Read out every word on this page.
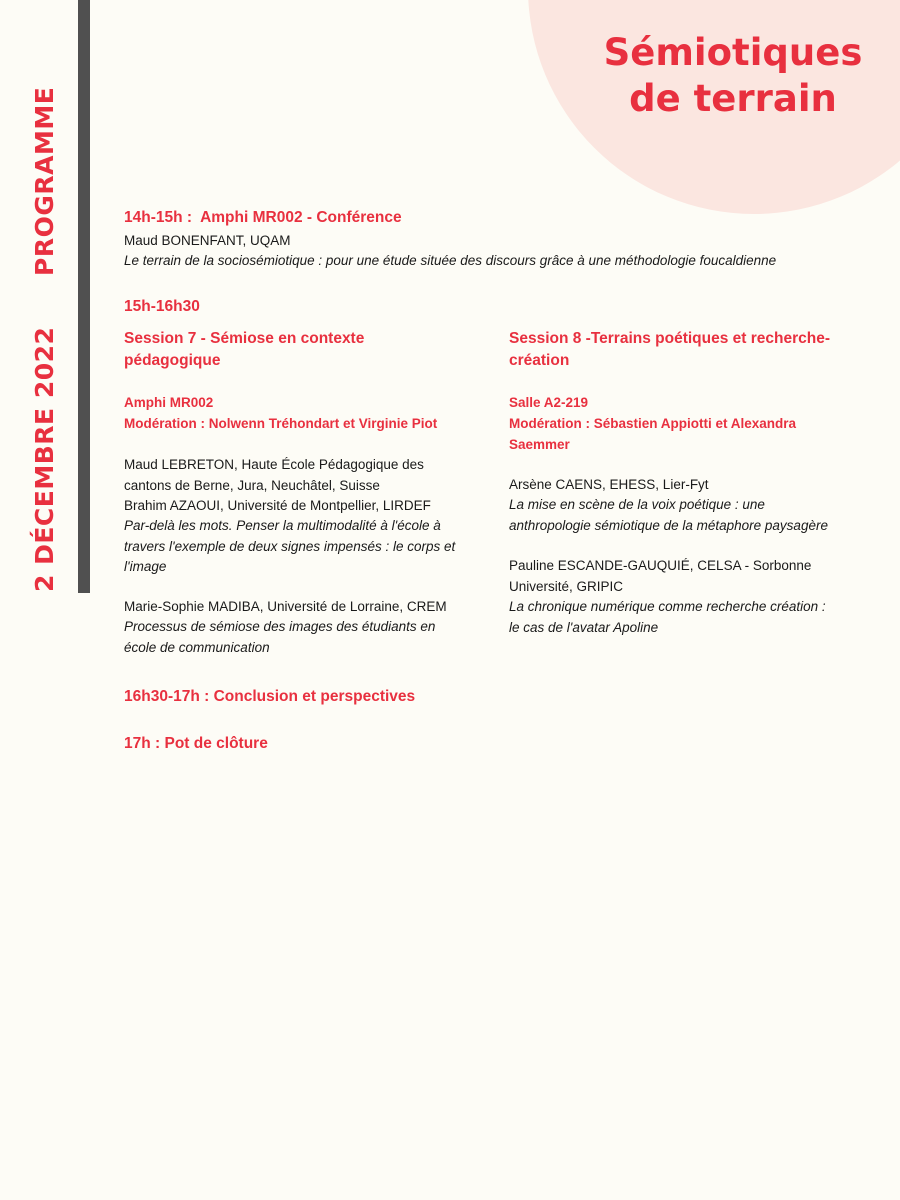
2 DÉCEMBRE 2022
PROGRAMME
Sémiotiques
de terrain
14h-15h :  Amphi MR002 - Conférence
Maud BONENFANT, UQAM
Le terrain de la sociosémiotique : pour une étude située des discours grâce à une méthodologie foucaldienne
15h-16h30
Session 7 - Sémiose en contexte
pédagogique
Amphi MR002
Modération : Nolwenn Tréhondart et Virginie Piot
Maud LEBRETON, Haute École Pédagogique des
cantons de Berne, Jura, Neuchâtel, Suisse
Brahim AZAOUI, Université de Montpellier, LIRDEF
Par-delà les mots. Penser la multimodalité à l'école à
travers l'exemple de deux signes impensés : le corps et
l'image
Marie-Sophie MADIBA, Université de Lorraine, CREM
Processus de sémiose des images des étudiants en
école de communication
Session 8 -Terrains poétiques et recherche-
création
Salle A2-219
Modération : Sébastien Appiotti et Alexandra
Saemmer
Arsène CAENS, EHESS, Lier-Fyt
La mise en scène de la voix poétique : une
anthropologie sémiotique de la métaphore paysagère
Pauline ESCANDE-GAUQUIÉ, CELSA - Sorbonne
Université, GRIPIC
La chronique numérique comme recherche création :
le cas de l'avatar Apoline
16h30-17h : Conclusion et perspectives
17h : Pot de clôture
